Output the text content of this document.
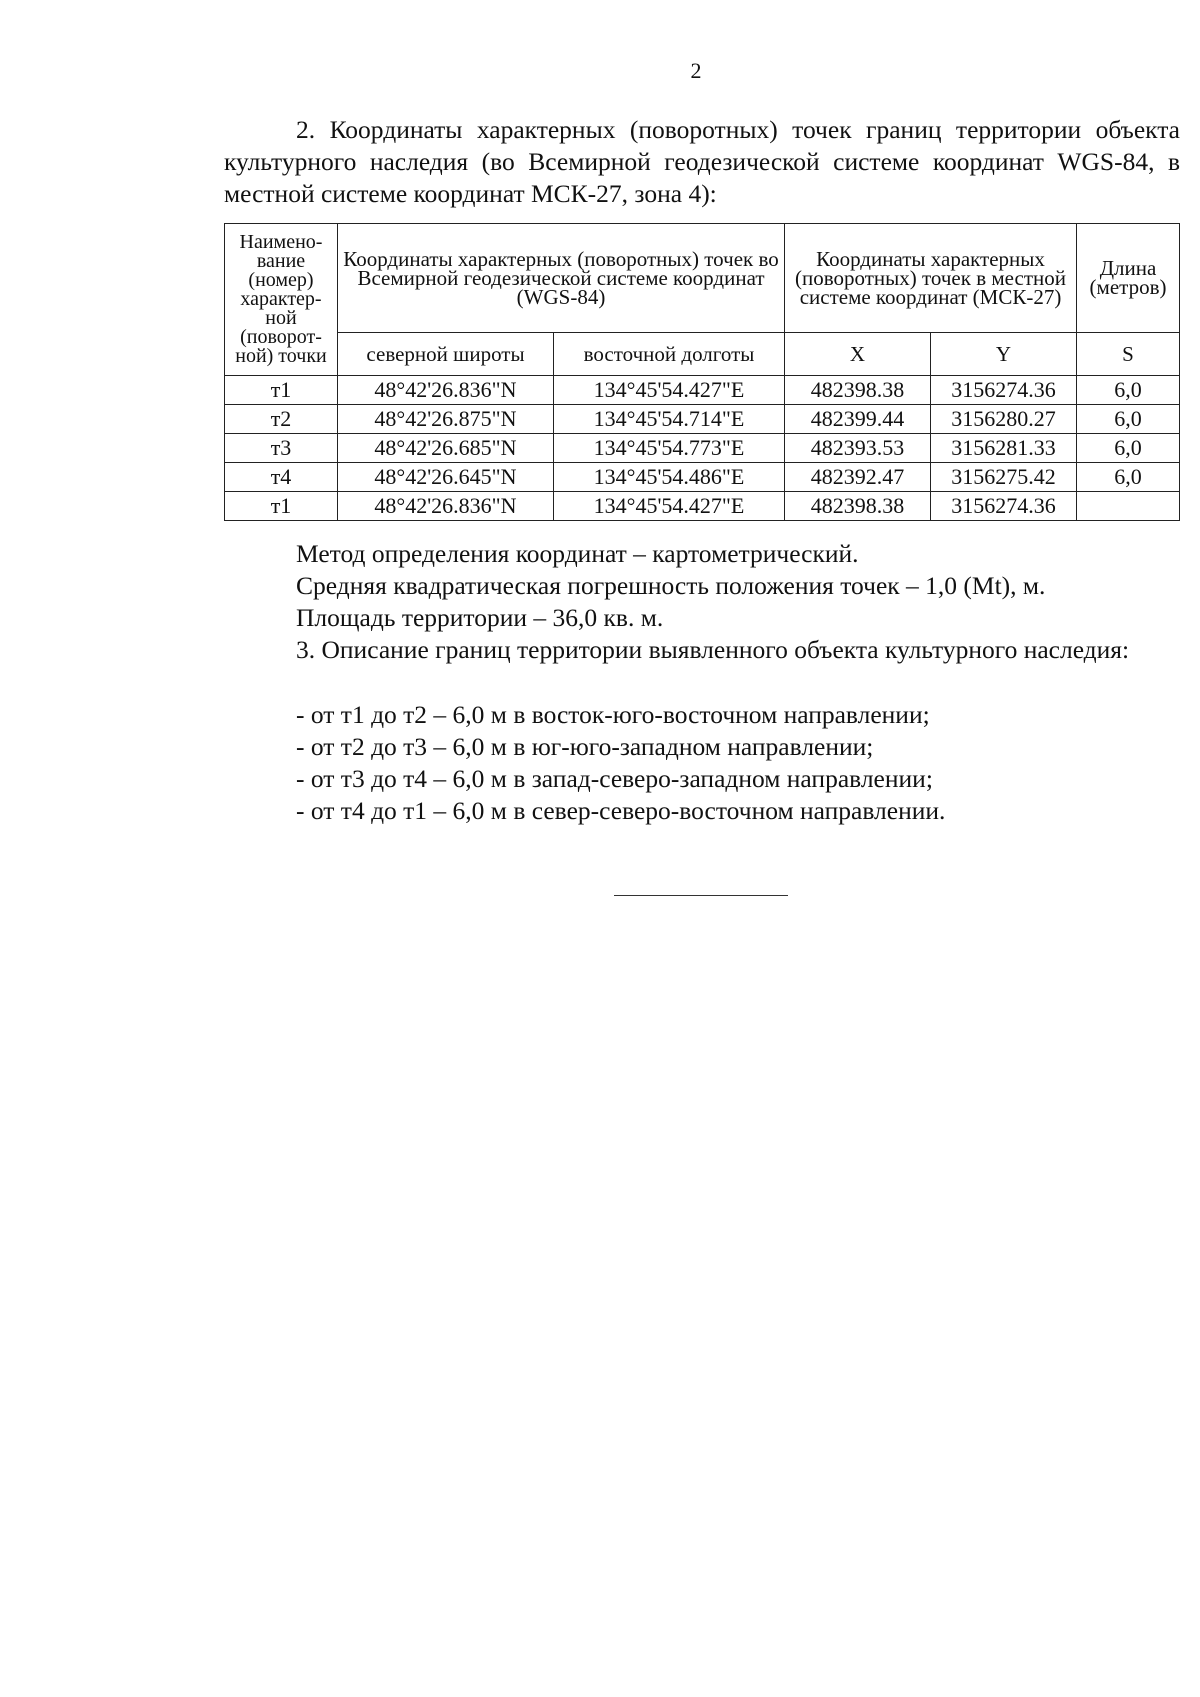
2
2. Координаты характерных (поворотных) точек границ территории объекта культурного наследия (во Всемирной геодезической системе координат WGS-84, в местной системе координат МСК-27, зона 4):
Наимено-вание (номер) характер-ной (поворот-ной) точки	Координаты характерных (поворотных) точек во Всемирной геодезической системе координат (WGS-84)		Координаты характерных (поворотных) точек в местной системе координат (МСК-27)		Длина (метров)
	северной широты	восточной долготы	X	Y	S
т1	48°42'26.836"N	134°45'54.427"E	482398.38	3156274.36	6,0
т2	48°42'26.875"N	134°45'54.714"E	482399.44	3156280.27	6,0
т3	48°42'26.685"N	134°45'54.773"E	482393.53	3156281.33	6,0
т4	48°42'26.645"N	134°45'54.486"E	482392.47	3156275.42	6,0
т1	48°42'26.836"N	134°45'54.427"E	482398.38	3156274.36	

Метод определения координат – картометрический.

Средняя квадратическая погрешность положения точек – 1,0 (Mt), м.

Площадь территории – 36,0 кв. м.

3. Описание границ территории выявленного объекта культурного наследия:

- от т1 до т2 – 6,0 м в восток-юго-восточном направлении;

- от т2 до т3 – 6,0 м в юг-юго-западном направлении;

- от т3 до т4 – 6,0 м в запад-северо-западном направлении;

- от т4 до т1 – 6,0 м в север-северо-восточном направлении.
